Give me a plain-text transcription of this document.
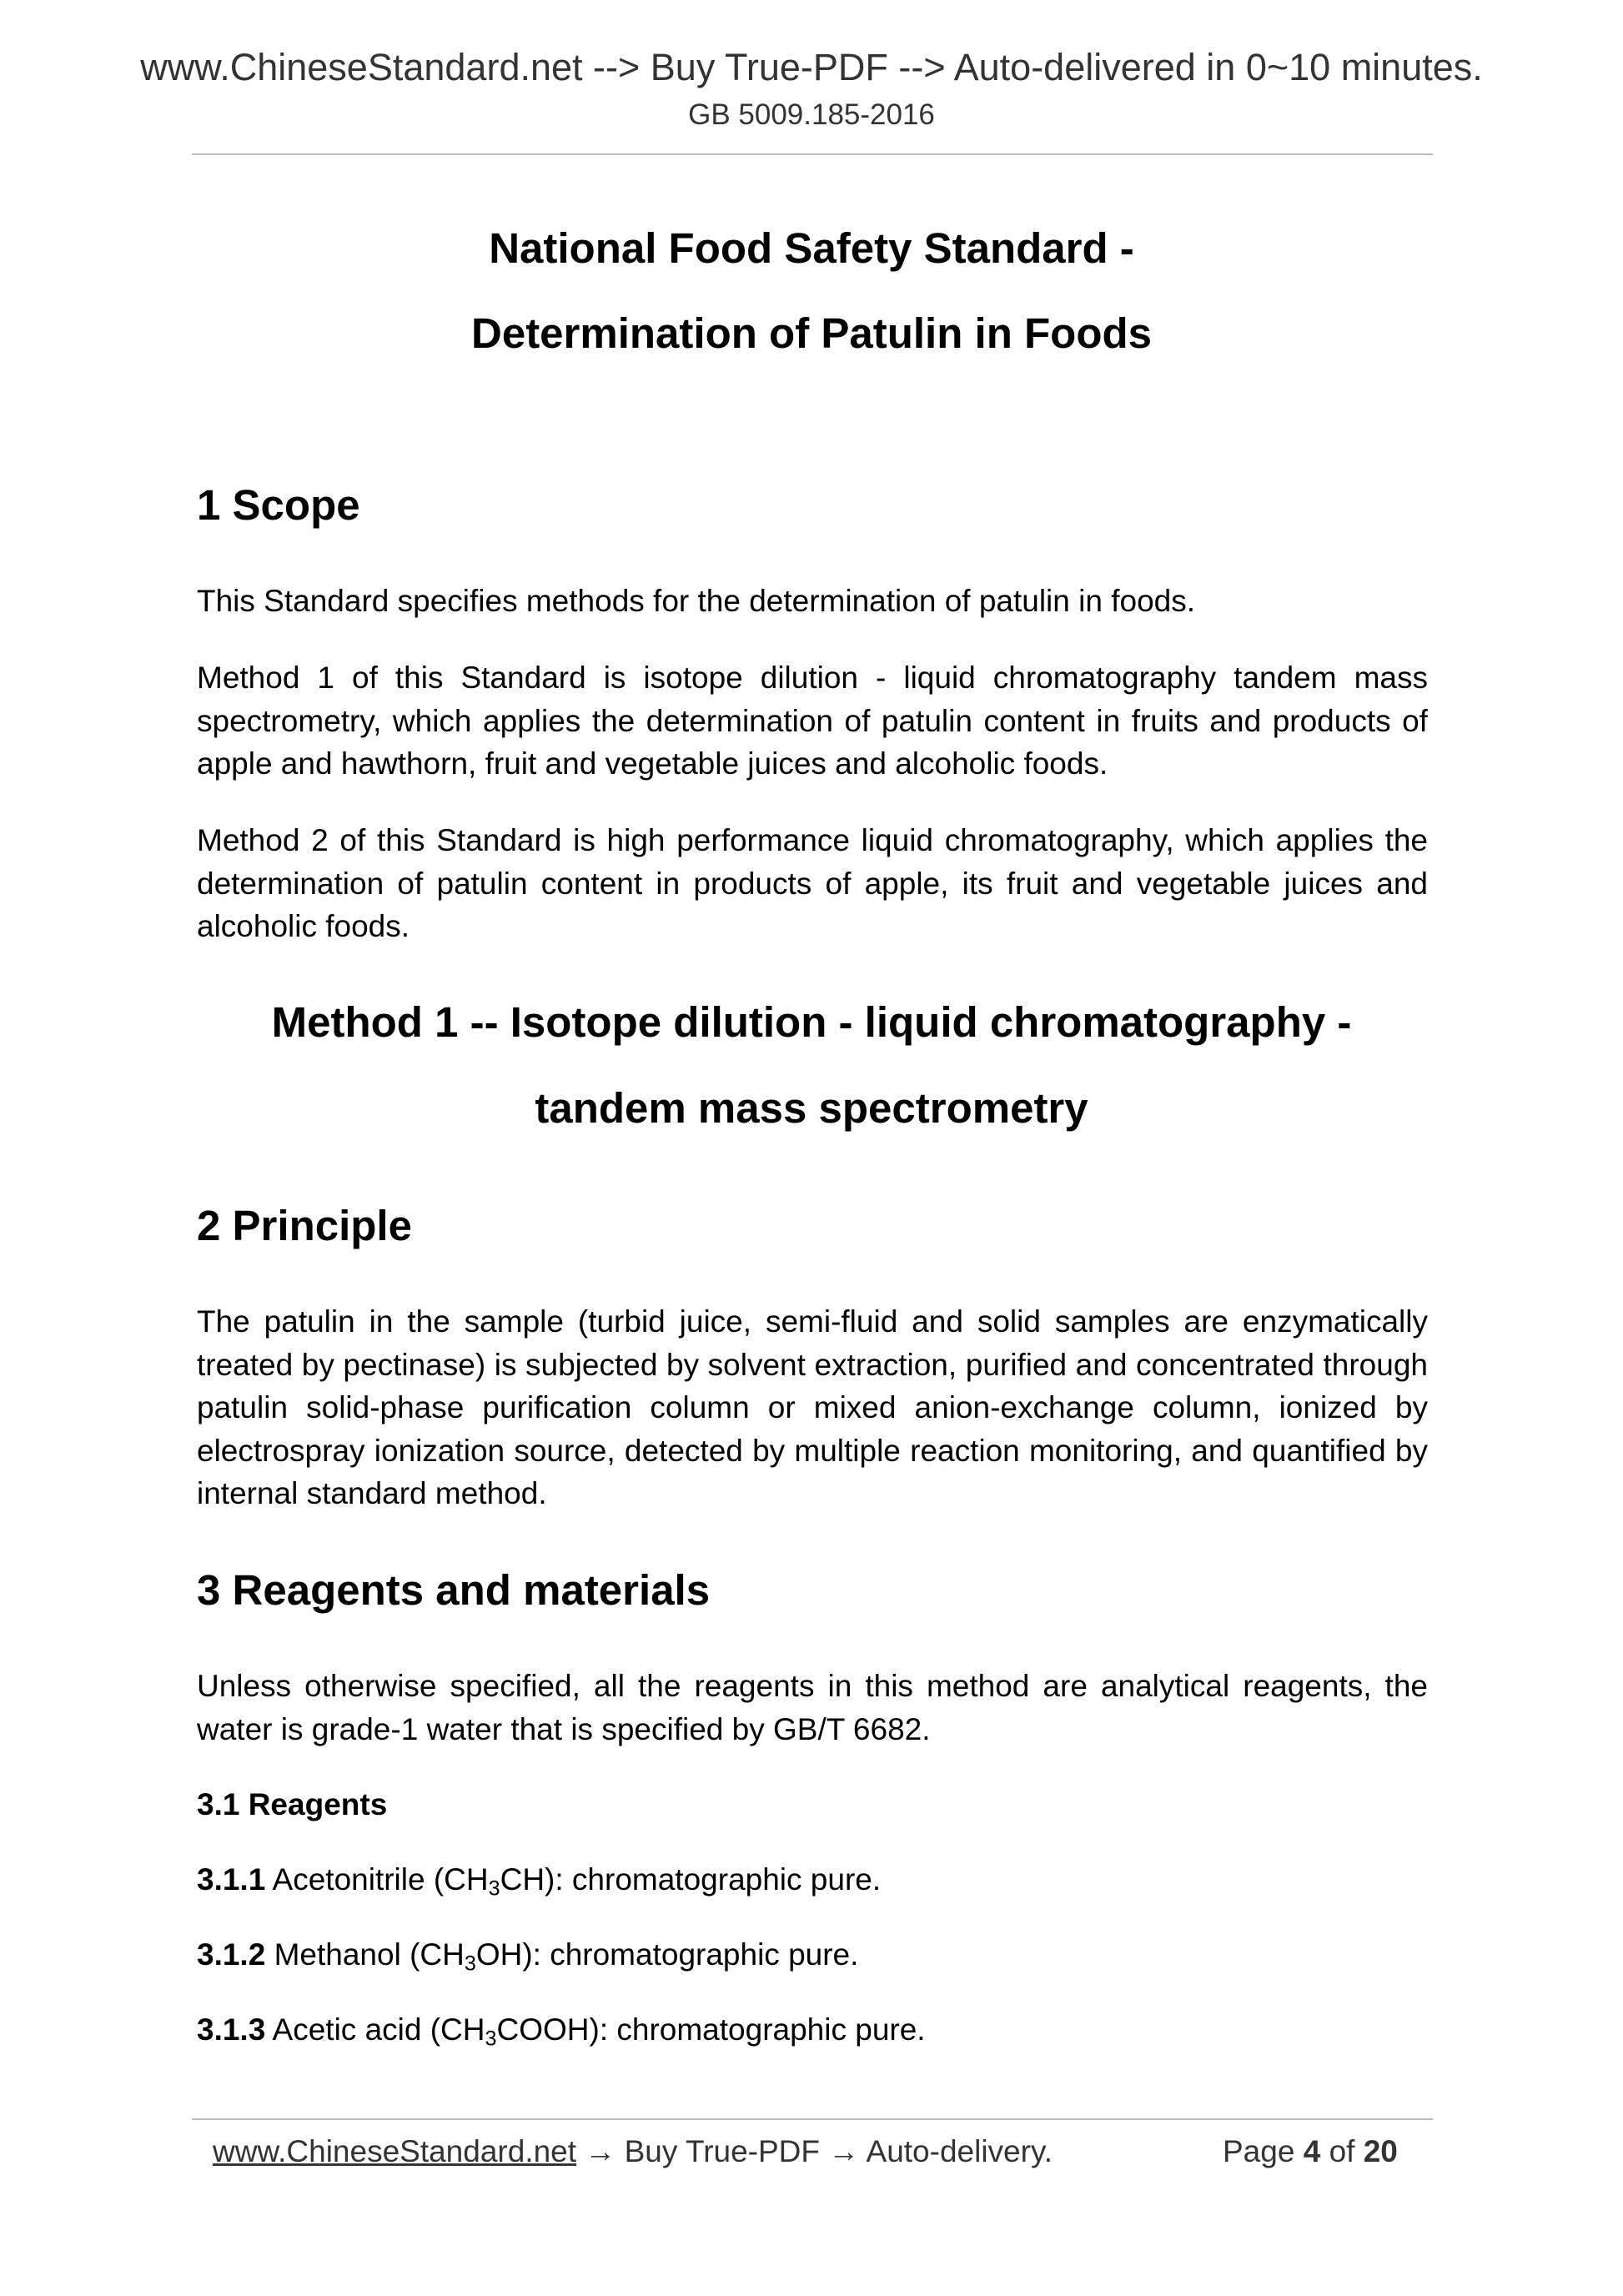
www.ChineseStandard.net --> Buy True-PDF --> Auto-delivered in 0~10 minutes.
GB 5009.185-2016
National Food Safety Standard -
Determination of Patulin in Foods
1 Scope
This Standard specifies methods for the determination of patulin in foods.
Method 1 of this Standard is isotope dilution - liquid chromatography tandem mass spectrometry, which applies the determination of patulin content in fruits and products of apple and hawthorn, fruit and vegetable juices and alcoholic foods.
Method 2 of this Standard is high performance liquid chromatography, which applies the determination of patulin content in products of apple, its fruit and vegetable juices and alcoholic foods.
Method 1 -- Isotope dilution - liquid chromatography -
tandem mass spectrometry
2 Principle
The patulin in the sample (turbid juice, semi-fluid and solid samples are enzymatically treated by pectinase) is subjected by solvent extraction, purified and concentrated through patulin solid-phase purification column or mixed anion-exchange column, ionized by electrospray ionization source, detected by multiple reaction monitoring, and quantified by internal standard method.
3 Reagents and materials
Unless otherwise specified, all the reagents in this method are analytical reagents, the water is grade-1 water that is specified by GB/T 6682.
3.1 Reagents
3.1.1 Acetonitrile $(CH_3CH)$: chromatographic pure.
3.1.2 Methanol $(CH_3OH)$: chromatographic pure.
3.1.3 Acetic acid $(CH_3COOH)$: chromatographic pure.
www.ChineseStandard.net → Buy True-PDF → Auto-delivery.	Page 4 of 20
